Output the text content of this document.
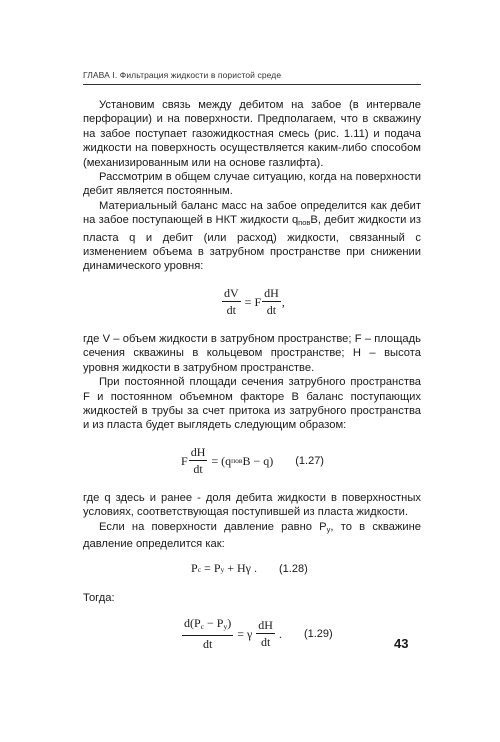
ГЛАВА I. Фильтрация жидкости в пористой среде

Установим связь между дебитом на забое (в интервале перфорации) и на поверхности. Предполагаем, что в скважину на забое поступает газожидкостная смесь (рис. 1.11) и подача жидкости на поверхность осуществляется каким-либо способом (механизированным или на основе газлифта).

Рассмотрим в общем случае ситуацию, когда на поверхности дебит является постоянным.

Материальный баланс масс на забое определится как дебит на забое поступающей в НКТ жидкости $q_{пов}B$, дебит жидкости из пласта q и дебит (или расход) жидкости, связанный с изменением объема в затрубном пространстве при снижении динамического уровня:

$\frac{dV}{dt} = F \frac{dH}{dt}$ ,

где V – объем жидкости в затрубном пространстве; F – площадь сечения скважины в кольцевом пространстве; H – высота уровня жидкости в затрубном пространстве.

При постоянной площади сечения затрубного пространства F и постоянном объемном факторе B баланс поступающих жидкостей в трубы за счет притока из затрубного пространства и из пласта будет выглядеть следующим образом:

F $\frac{dH}{dt} = (q$ пов B − q) (1.27)

где q здесь и ранее - доля дебита жидкости в поверхностных условиях, соответствующая поступившей из пласта жидкости.

Если на поверхности давление равно $P_у$, то в скважине давление определится как:

P c = P у + Hγ . (1.28)

Тогда:

$\frac{d(P_c - P_у)}{dt} = \gamma \frac{dH}{dt}$ . (1.29)
43
